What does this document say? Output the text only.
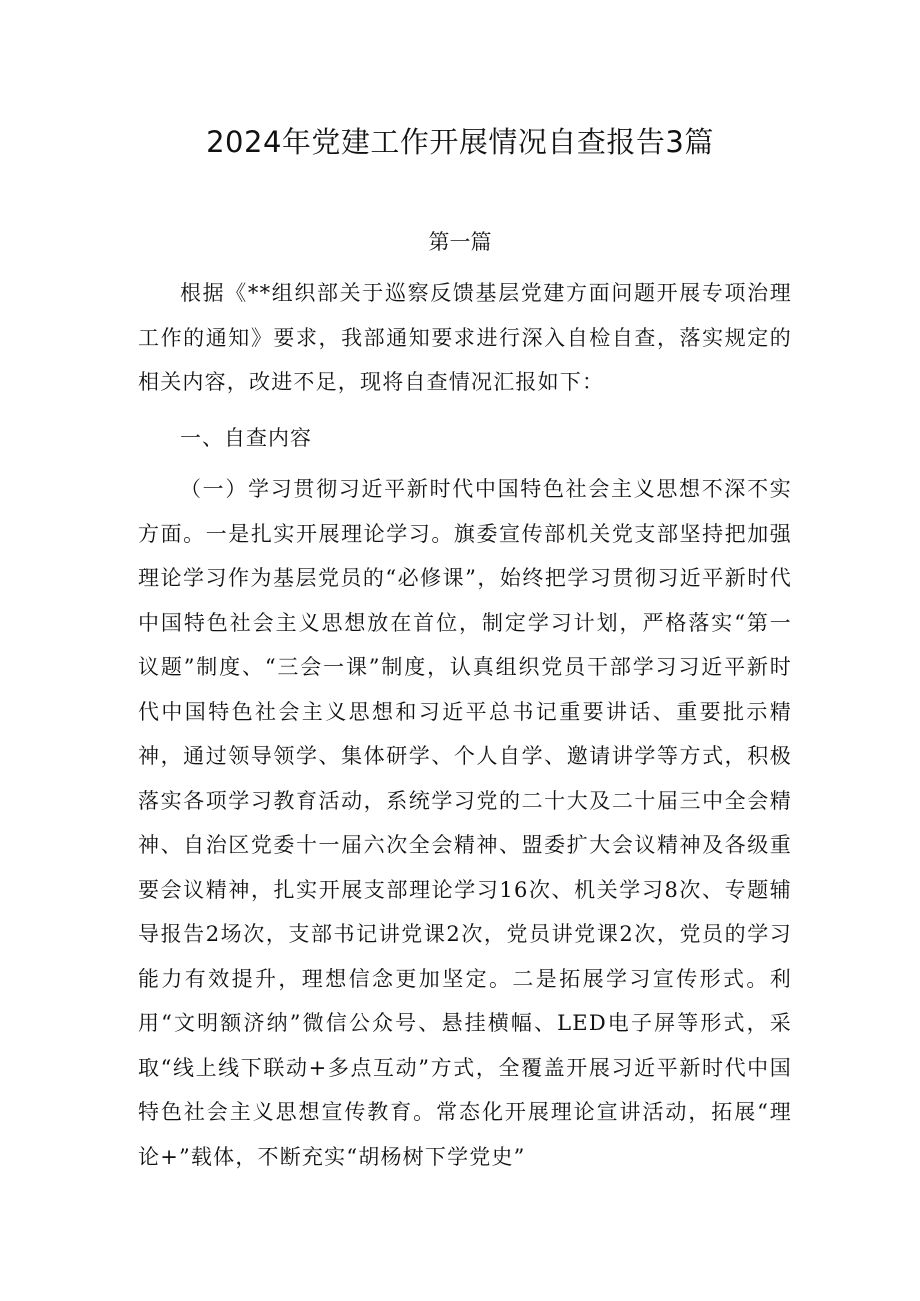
2024年党建工作开展情况自查报告3篇
第一篇

根据《**组织部关于巡察反馈基层党建方面问题开展专项治理工作的通知》要求，我部通知要求进行深入自检自查，落实规定的相关内容，改进不足，现将自查情况汇报如下：

一、自查内容

（一）学习贯彻习近平新时代中国特色社会主义思想不深不实方面。一是扎实开展理论学习。旗委宣传部机关党支部坚持把加强理论学习作为基层党员的“必修课”，始终把学习贯彻习近平新时代中国特色社会主义思想放在首位，制定学习计划，严格落实“第一议题”制度、“三会一课”制度，认真组织党员干部学习习近平新时代中国特色社会主义思想和习近平总书记重要讲话、重要批示精神，通过领导领学、集体研学、个人自学、邀请讲学等方式，积极落实各项学习教育活动，系统学习党的二十大及二十届三中全会精神、自治区党委十一届六次全会精神、盟委扩大会议精神及各级重要会议精神，扎实开展支部理论学习16次、机关学习8次、专题辅导报告2场次，支部书记讲党课2次，党员讲党课2次，党员的学习能力有效提升，理想信念更加坚定。二是拓展学习宣传形式。利用“文明额济纳”微信公众号、悬挂横幅、LED电子屏等形式，采取“线上线下联动+多点互动”方式，全覆盖开展习近平新时代中国特色社会主义思想宣传教育。常态化开展理论宣讲活动，拓展“理论+”载体，不断充实“胡杨树下学党史”
